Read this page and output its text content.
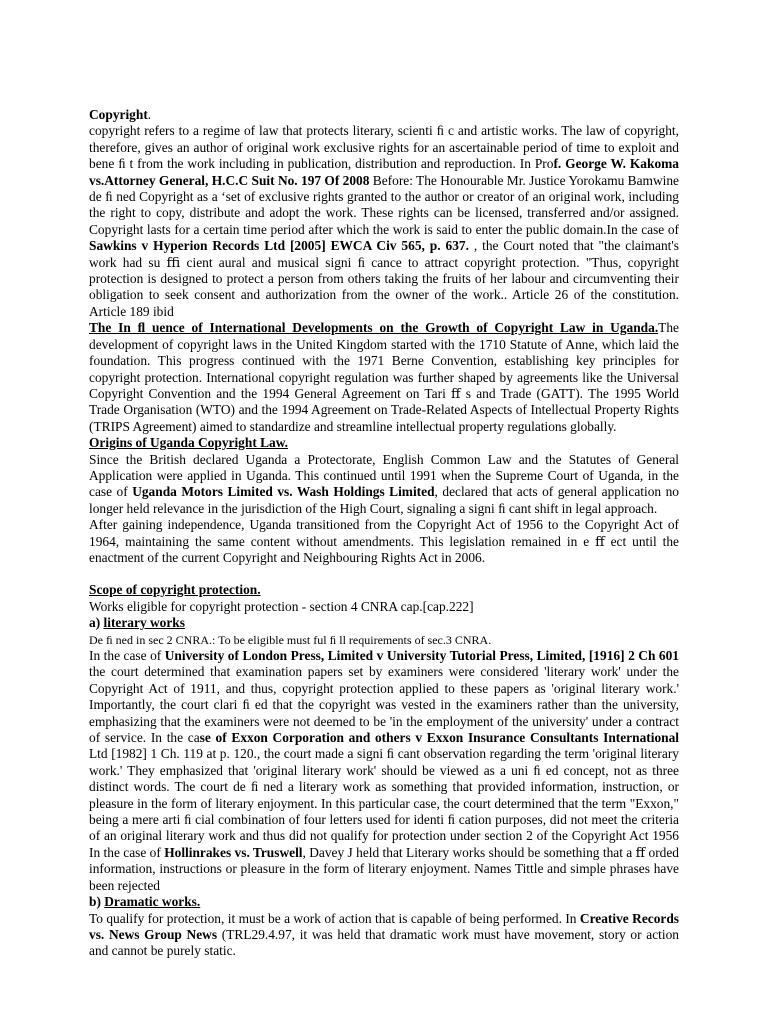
Copyright.
copyright refers to a regime of law that protects literary, scienti ﬁ c and artistic works. The law of copyright, therefore, gives an author of original work exclusive rights for an ascertainable period of time to exploit and bene ﬁ t from the work including in publication, distribution and reproduction. In Prof. George W. Kakoma vs.Attorney General, H.C.C Suit No. 197 Of 2008 Before: The Honourable Mr. Justice Yorokamu Bamwine de ﬁ ned Copyright as a ‘set of exclusive rights granted to the author or creator of an original work, including the right to copy, distribute and adopt the work. These rights can be licensed, transferred and/or assigned. Copyright lasts for a certain time period after which the work is said to enter the public domain.In the case of Sawkins v Hyperion Records Ltd [2005] EWCA Civ 565, p. 637. , the Court noted that "the claimant's work had su ﬃ cient aural and musical signi ﬁ cance to attract copyright protection. "Thus, copyright protection is designed to protect a person from others taking the fruits of her labour and circumventing their obligation to seek consent and authorization from the owner of the work.. Article 26 of the constitution. Article 189 ibid

The In ﬂ uence of International Developments on the Growth of Copyright Law in Uganda.The development of copyright laws in the United Kingdom started with the 1710 Statute of Anne, which laid the foundation. This progress continued with the 1971 Berne Convention, establishing key principles for copyright protection. International copyright regulation was further shaped by agreements like the Universal Copyright Convention and the 1994 General Agreement on Tari ﬀ s and Trade (GATT). The 1995 World Trade Organisation (WTO) and the 1994 Agreement on Trade-Related Aspects of Intellectual Property Rights (TRIPS Agreement) aimed to standardize and streamline intellectual property regulations globally.

Origins of Uganda Copyright Law.
Since the British declared Uganda a Protectorate, English Common Law and the Statutes of General Application were applied in Uganda. This continued until 1991 when the Supreme Court of Uganda, in the case of Uganda Motors Limited vs. Wash Holdings Limited, declared that acts of general application no longer held relevance in the jurisdiction of the High Court, signaling a signi ﬁ cant shift in legal approach.

After gaining independence, Uganda transitioned from the Copyright Act of 1956 to the Copyright Act of 1964, maintaining the same content without amendments. This legislation remained in e ﬀ ect until the enactment of the current Copyright and Neighbouring Rights Act in 2006.

Scope of copyright protection.
Works eligible for copyright protection - section 4 CNRA cap.[cap.222]

a) literary works
De ﬁ ned in sec 2 CNRA.: To be eligible must ful ﬁ ll requirements of sec.3 CNRA.

In the case of University of London Press, Limited v University Tutorial Press, Limited, [1916] 2 Ch 601 the court determined that examination papers set by examiners were considered 'literary work' under the Copyright Act of 1911, and thus, copyright protection applied to these papers as 'original literary work.' Importantly, the court clari ﬁ ed that the copyright was vested in the examiners rather than the university, emphasizing that the examiners were not deemed to be 'in the employment of the university' under a contract of service. In the case of Exxon Corporation and others v Exxon Insurance Consultants International Ltd [1982] 1 Ch. 119 at p. 120., the court made a signi ﬁ cant observation regarding the term 'original literary work.' They emphasized that 'original literary work' should be viewed as a uni ﬁ ed concept, not as three distinct words. The court de ﬁ ned a literary work as something that provided information, instruction, or pleasure in the form of literary enjoyment. In this particular case, the court determined that the term "Exxon," being a mere arti ﬁ cial combination of four letters used for identi ﬁ cation purposes, did not meet the criteria of an original literary work and thus did not qualify for protection under section 2 of the Copyright Act 1956 In the case of Hollinrakes vs. Truswell, Davey J held that Literary works should be something that a ﬀ orded information, instructions or pleasure in the form of literary enjoyment. Names Tittle and simple phrases have been rejected

b) Dramatic works.

To qualify for protection, it must be a work of action that is capable of being performed. In Creative Records vs. News Group News (TRL29.4.97, it was held that dramatic work must have movement, story or action and cannot be purely static.
